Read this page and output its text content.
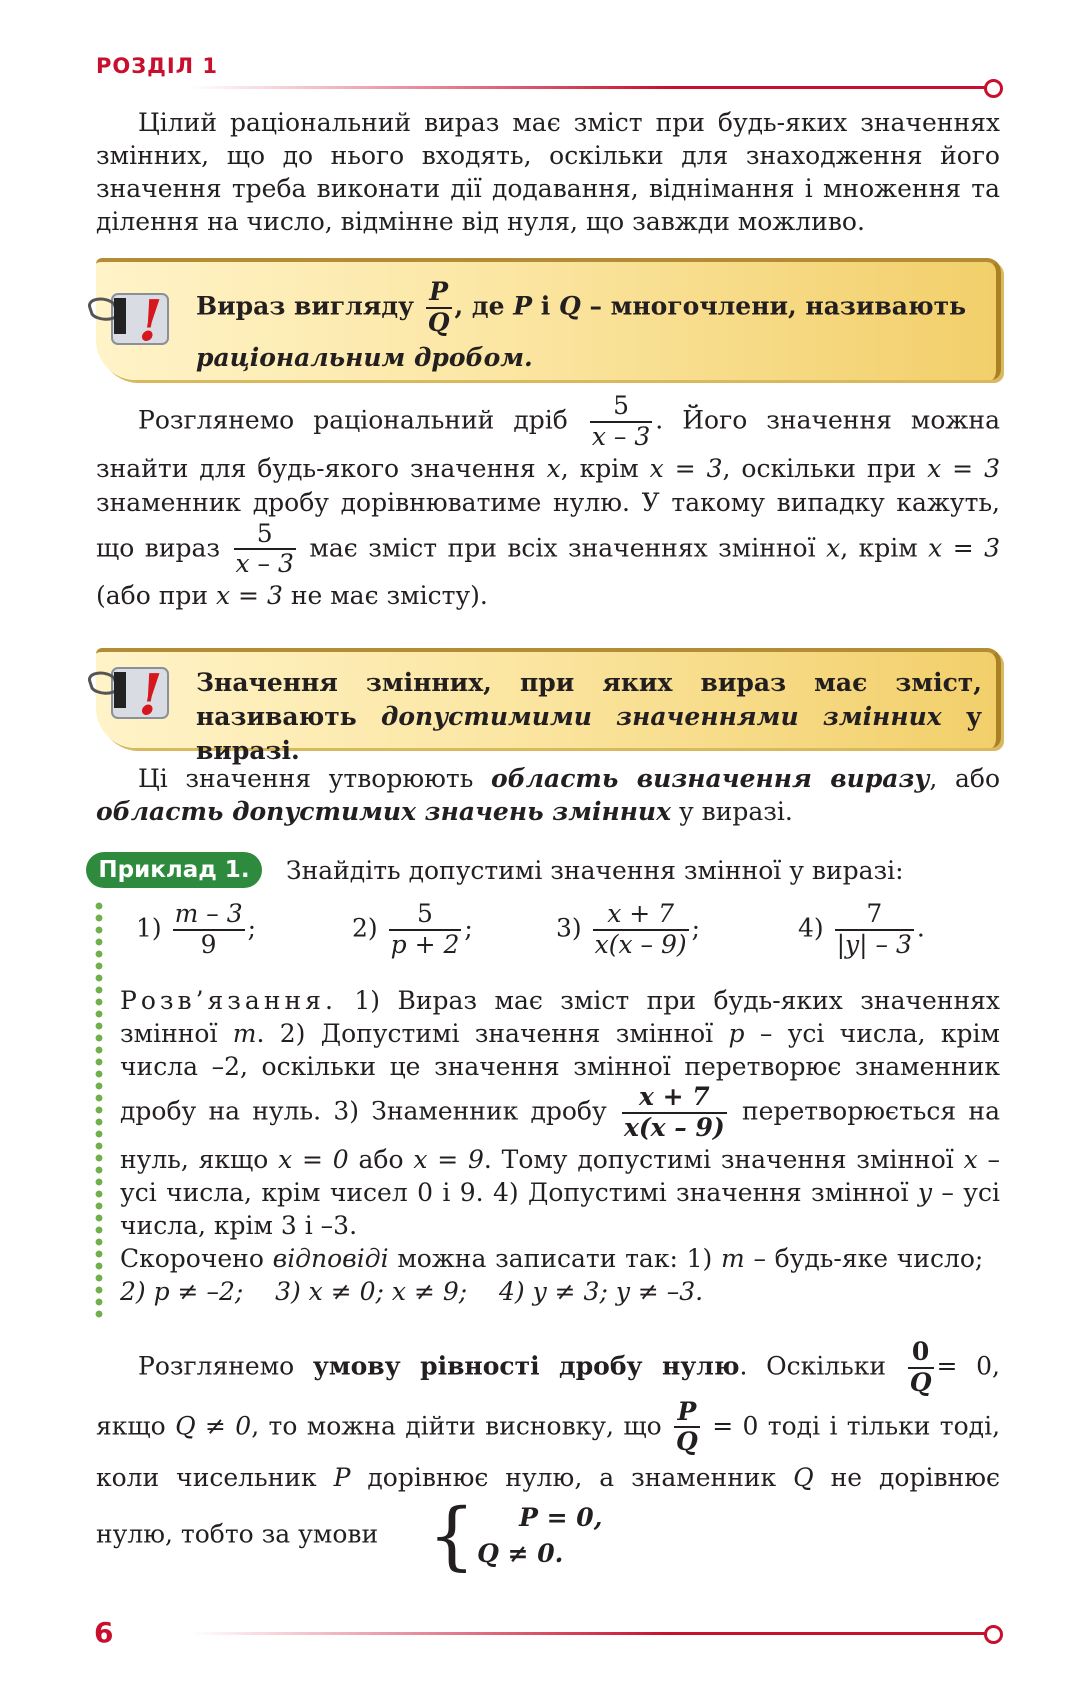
РОЗДІЛ 1

Цілий раціональний вираз має зміст при будь-яких значеннях змінних, що до нього входять, оскільки для знаходження його значення треба виконати дії додавання, віднімання і множення та ділення на число, відмінне від нуля, що завжди можливо.

! Вираз вигляду $\frac{P}{Q}$ , де P і Q – многочлени, називають
раціональним дробом.

Розглянемо раціональний дріб $\frac{5}{x - 3}$ . Його значення можна знайти для будь-якого значення x, крім x = 3, оскільки при x = 3 знаменник дробу дорівнюватиме нулю. У такому випадку кажуть, що вираз $\frac{5}{x - 3}$ має зміст при всіх значеннях змінної x, крім x = 3 (або при x = 3 не має змісту).

! Значення змінних, при яких вираз має зміст, називають допустимими значеннями змінних у виразі.

Ці значення утворюють область визначення виразу, або область допустимих значень змінних у виразі.

Приклад 1.	Знайдіть допустимі значення змінної у виразі:
$1) \frac{m - 3}{9}$ ;	$2) \frac{5}{p + 2}$ ;	$3) \frac{x + 7}{x(x - 9)}$ ;	$4) \frac{7}{|y| - 3}$ .

Розв’язання. 1) Вираз має зміст при будь-яких значеннях змінної m. 2) Допустимі значення змінної p – усі числа, крім числа –2, оскільки це значення змінної перетворює знаменник дробу на нуль. 3) Знаменник дробу $\frac{x + 7}{x(x - 9)}$ перетворюється на нуль, якщо x = 0 або x = 9. Тому допустимі значення змінної x – усі числа, крім чисел 0 і 9. 4) Допустимі значення змінної y – усі числа, крім 3 і –3.
Скорочено відповіді можна записати так: 1) m – будь-яке число;   2) p ≠ –2; 3) x ≠ 0; x ≠ 9; 4) y ≠ 3; y ≠ –3.

Розглянемо умову рівності дробу нулю. Оскільки $\frac{0}{Q} = 0$, якщо Q ≠ 0, то можна дійти висновку, що $\frac{P}{Q} = 0$ тоді і тільки тоді, коли чисельник P дорівнює нулю, а знаменник Q не дорівнює нулю, тобто за умови { P = 0,
Q ≠ 0.

6
